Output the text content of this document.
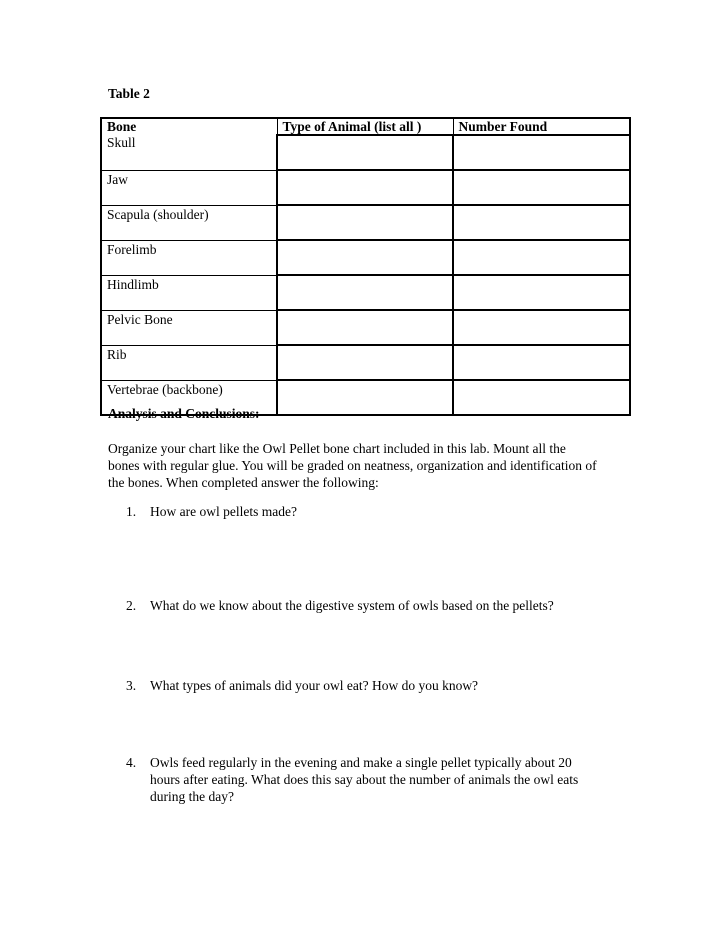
Table 2
Bone	Type of Animal (list all )	Number Found
Skull		
Jaw		
Scapula (shoulder)		
Forelimb		
Hindlimb		
Pelvic Bone		
Rib		
Vertebrae (backbone)		
Analysis and Conclusions:
Organize your chart like the Owl Pellet bone chart included in this lab. Mount all the
bones with regular glue. You will be graded on neatness, organization and identification of
the bones. When completed answer the following:
1. How are owl pellets made?
2. What do we know about the digestive system of owls based on the pellets?
3. What types of animals did your owl eat? How do you know?
4. Owls feed regularly in the evening and make a single pellet typically about 20
hours after eating. What does this say about the number of animals the owl eats
during the day?
